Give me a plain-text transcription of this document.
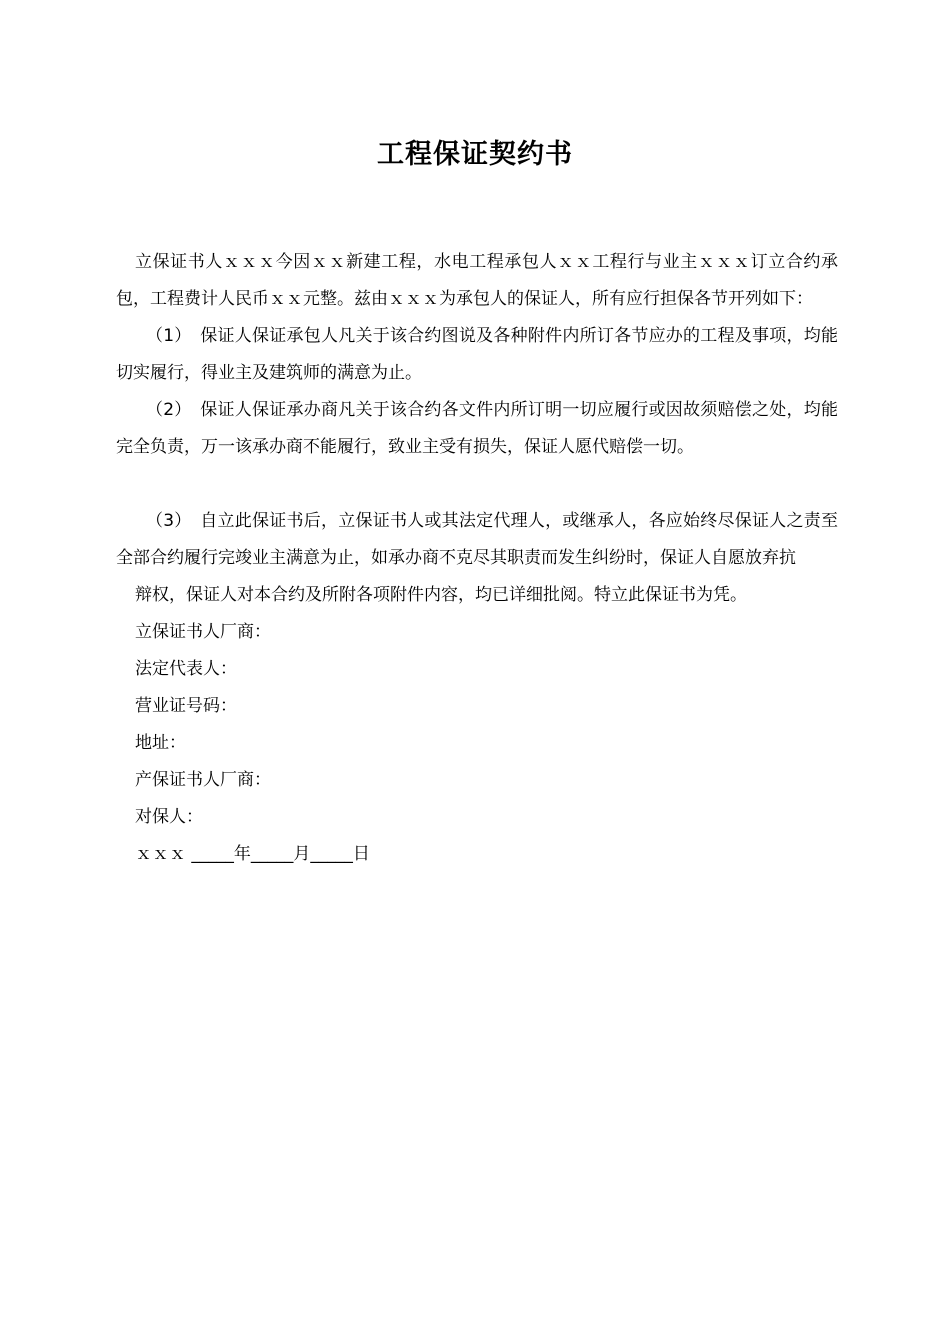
工程保证契约书

立保证书人ｘｘｘ今因ｘｘ新建工程，水电工程承包人ｘｘ工程行与业主ｘｘｘ订立合约承包，工程费计人民币ｘｘ元整。兹由ｘｘｘ为承包人的保证人，所有应行担保各节开列如下：

（1）　保证人保证承包人凡关于该合约图说及各种附件内所订各节应办的工程及事项，均能切实履行，得业主及建筑师的满意为止。

（2）　保证人保证承办商凡关于该合约各文件内所订明一切应履行或因故须赔偿之处，均能完全负责，万一该承办商不能履行，致业主受有损失，保证人愿代赔偿一切。

（3）　自立此保证书后，立保证书人或其法定代理人，或继承人，各应始终尽保证人之责至全部合约履行完竣业主满意为止，如承办商不克尽其职责而发生纠纷时，保证人自愿放弃抗

辩权，保证人对本合约及所附各项附件内容，均已详细批阅。特立此保证书为凭。

立保证书人厂商：

法定代表人：

营业证号码：

地址：

产保证书人厂商：

对保人：

ｘｘｘ _____年_____月_____日
